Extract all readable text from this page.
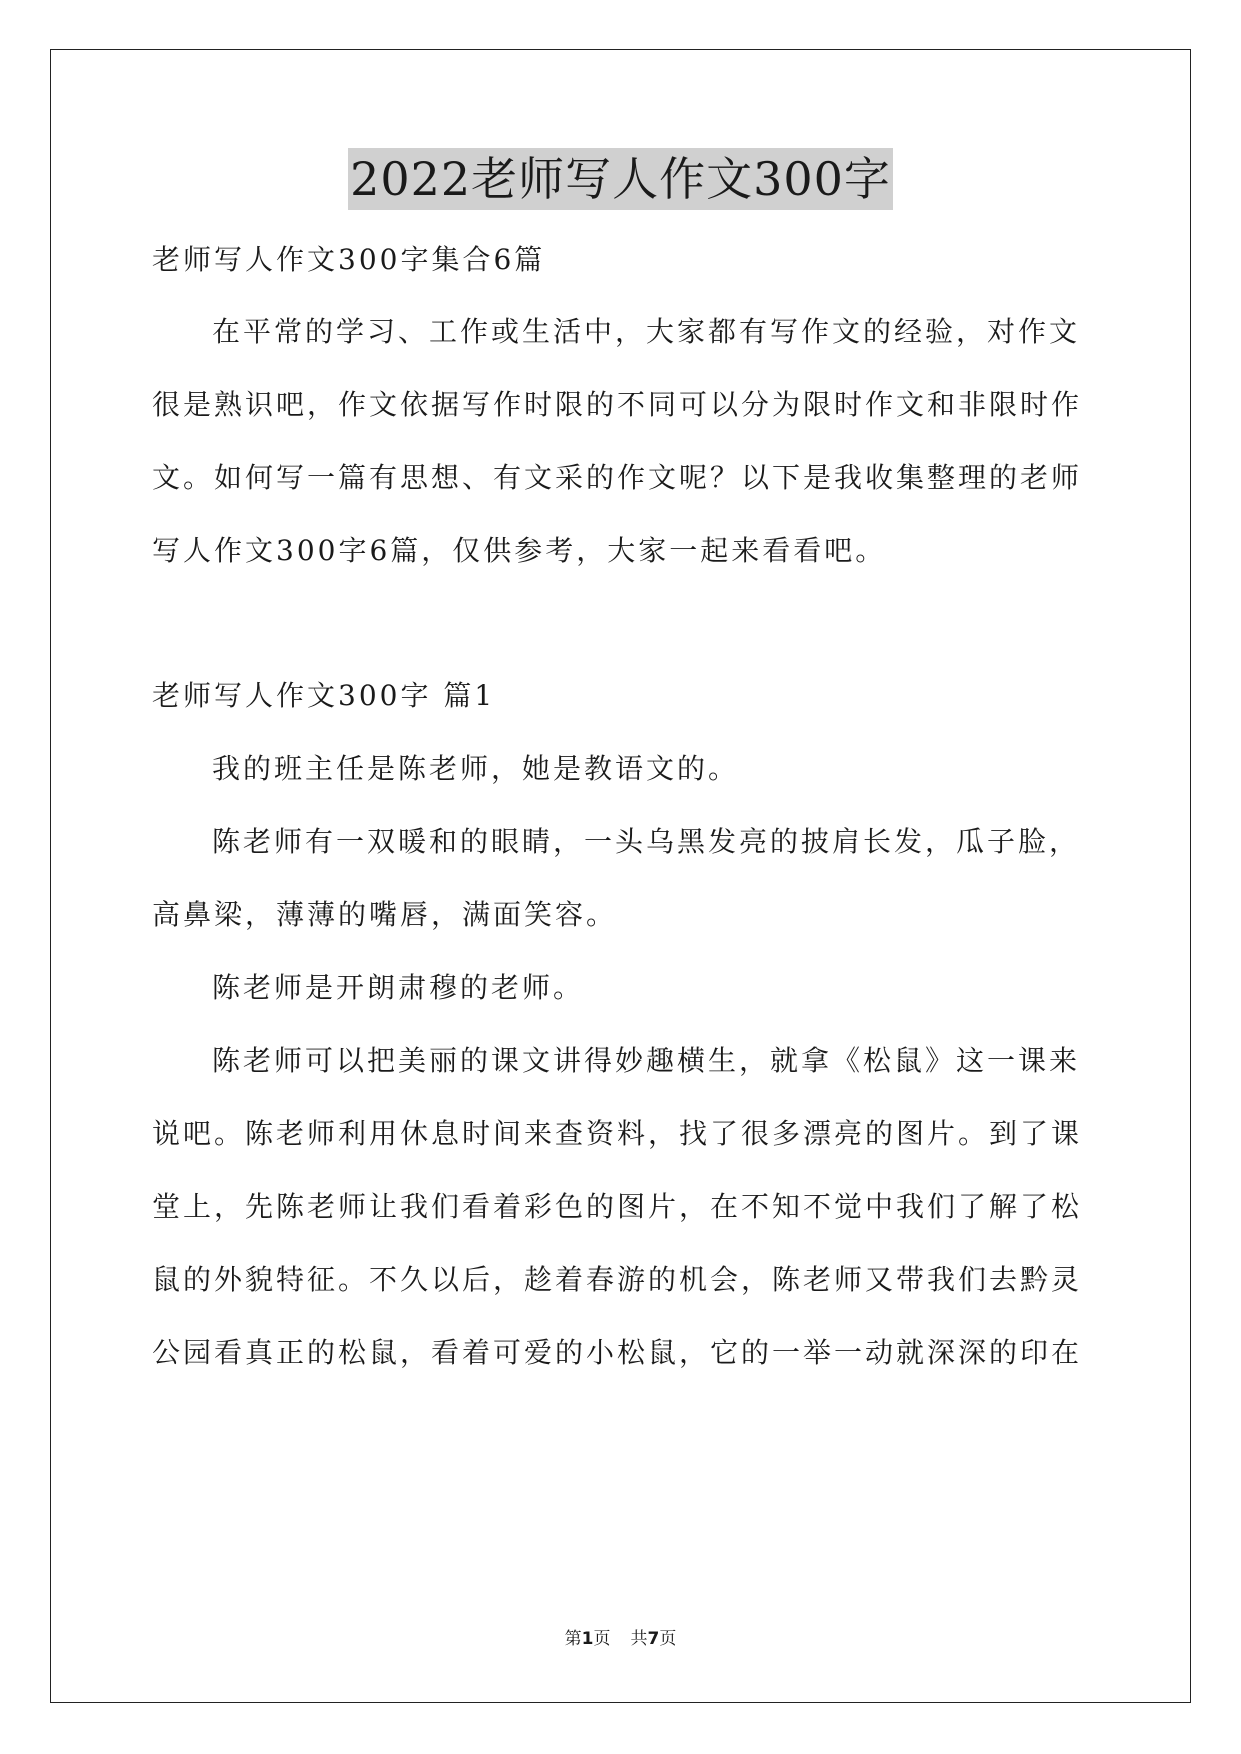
2022老师写人作文300字

老师写人作文300字集合6篇

在平常的学习、工作或生活中，大家都有写作文的经验，对作文

很是熟识吧，作文依据写作时限的不同可以分为限时作文和非限时作

文。如何写一篇有思想、有文采的作文呢？以下是我收集整理的老师

写人作文300字6篇，仅供参考，大家一起来看看吧。

老师写人作文300字 篇1

我的班主任是陈老师，她是教语文的。

陈老师有一双暖和的眼睛，一头乌黑发亮的披肩长发，瓜子脸，

高鼻梁，薄薄的嘴唇，满面笑容。

陈老师是开朗肃穆的老师。

陈老师可以把美丽的课文讲得妙趣横生，就拿《松鼠》这一课来

说吧。陈老师利用休息时间来查资料，找了很多漂亮的图片。到了课

堂上，先陈老师让我们看着彩色的图片，在不知不觉中我们了解了松

鼠的外貌特征。不久以后，趁着春游的机会，陈老师又带我们去黔灵

公园看真正的松鼠，看着可爱的小松鼠，它的一举一动就深深的印在

第1页 共7页
